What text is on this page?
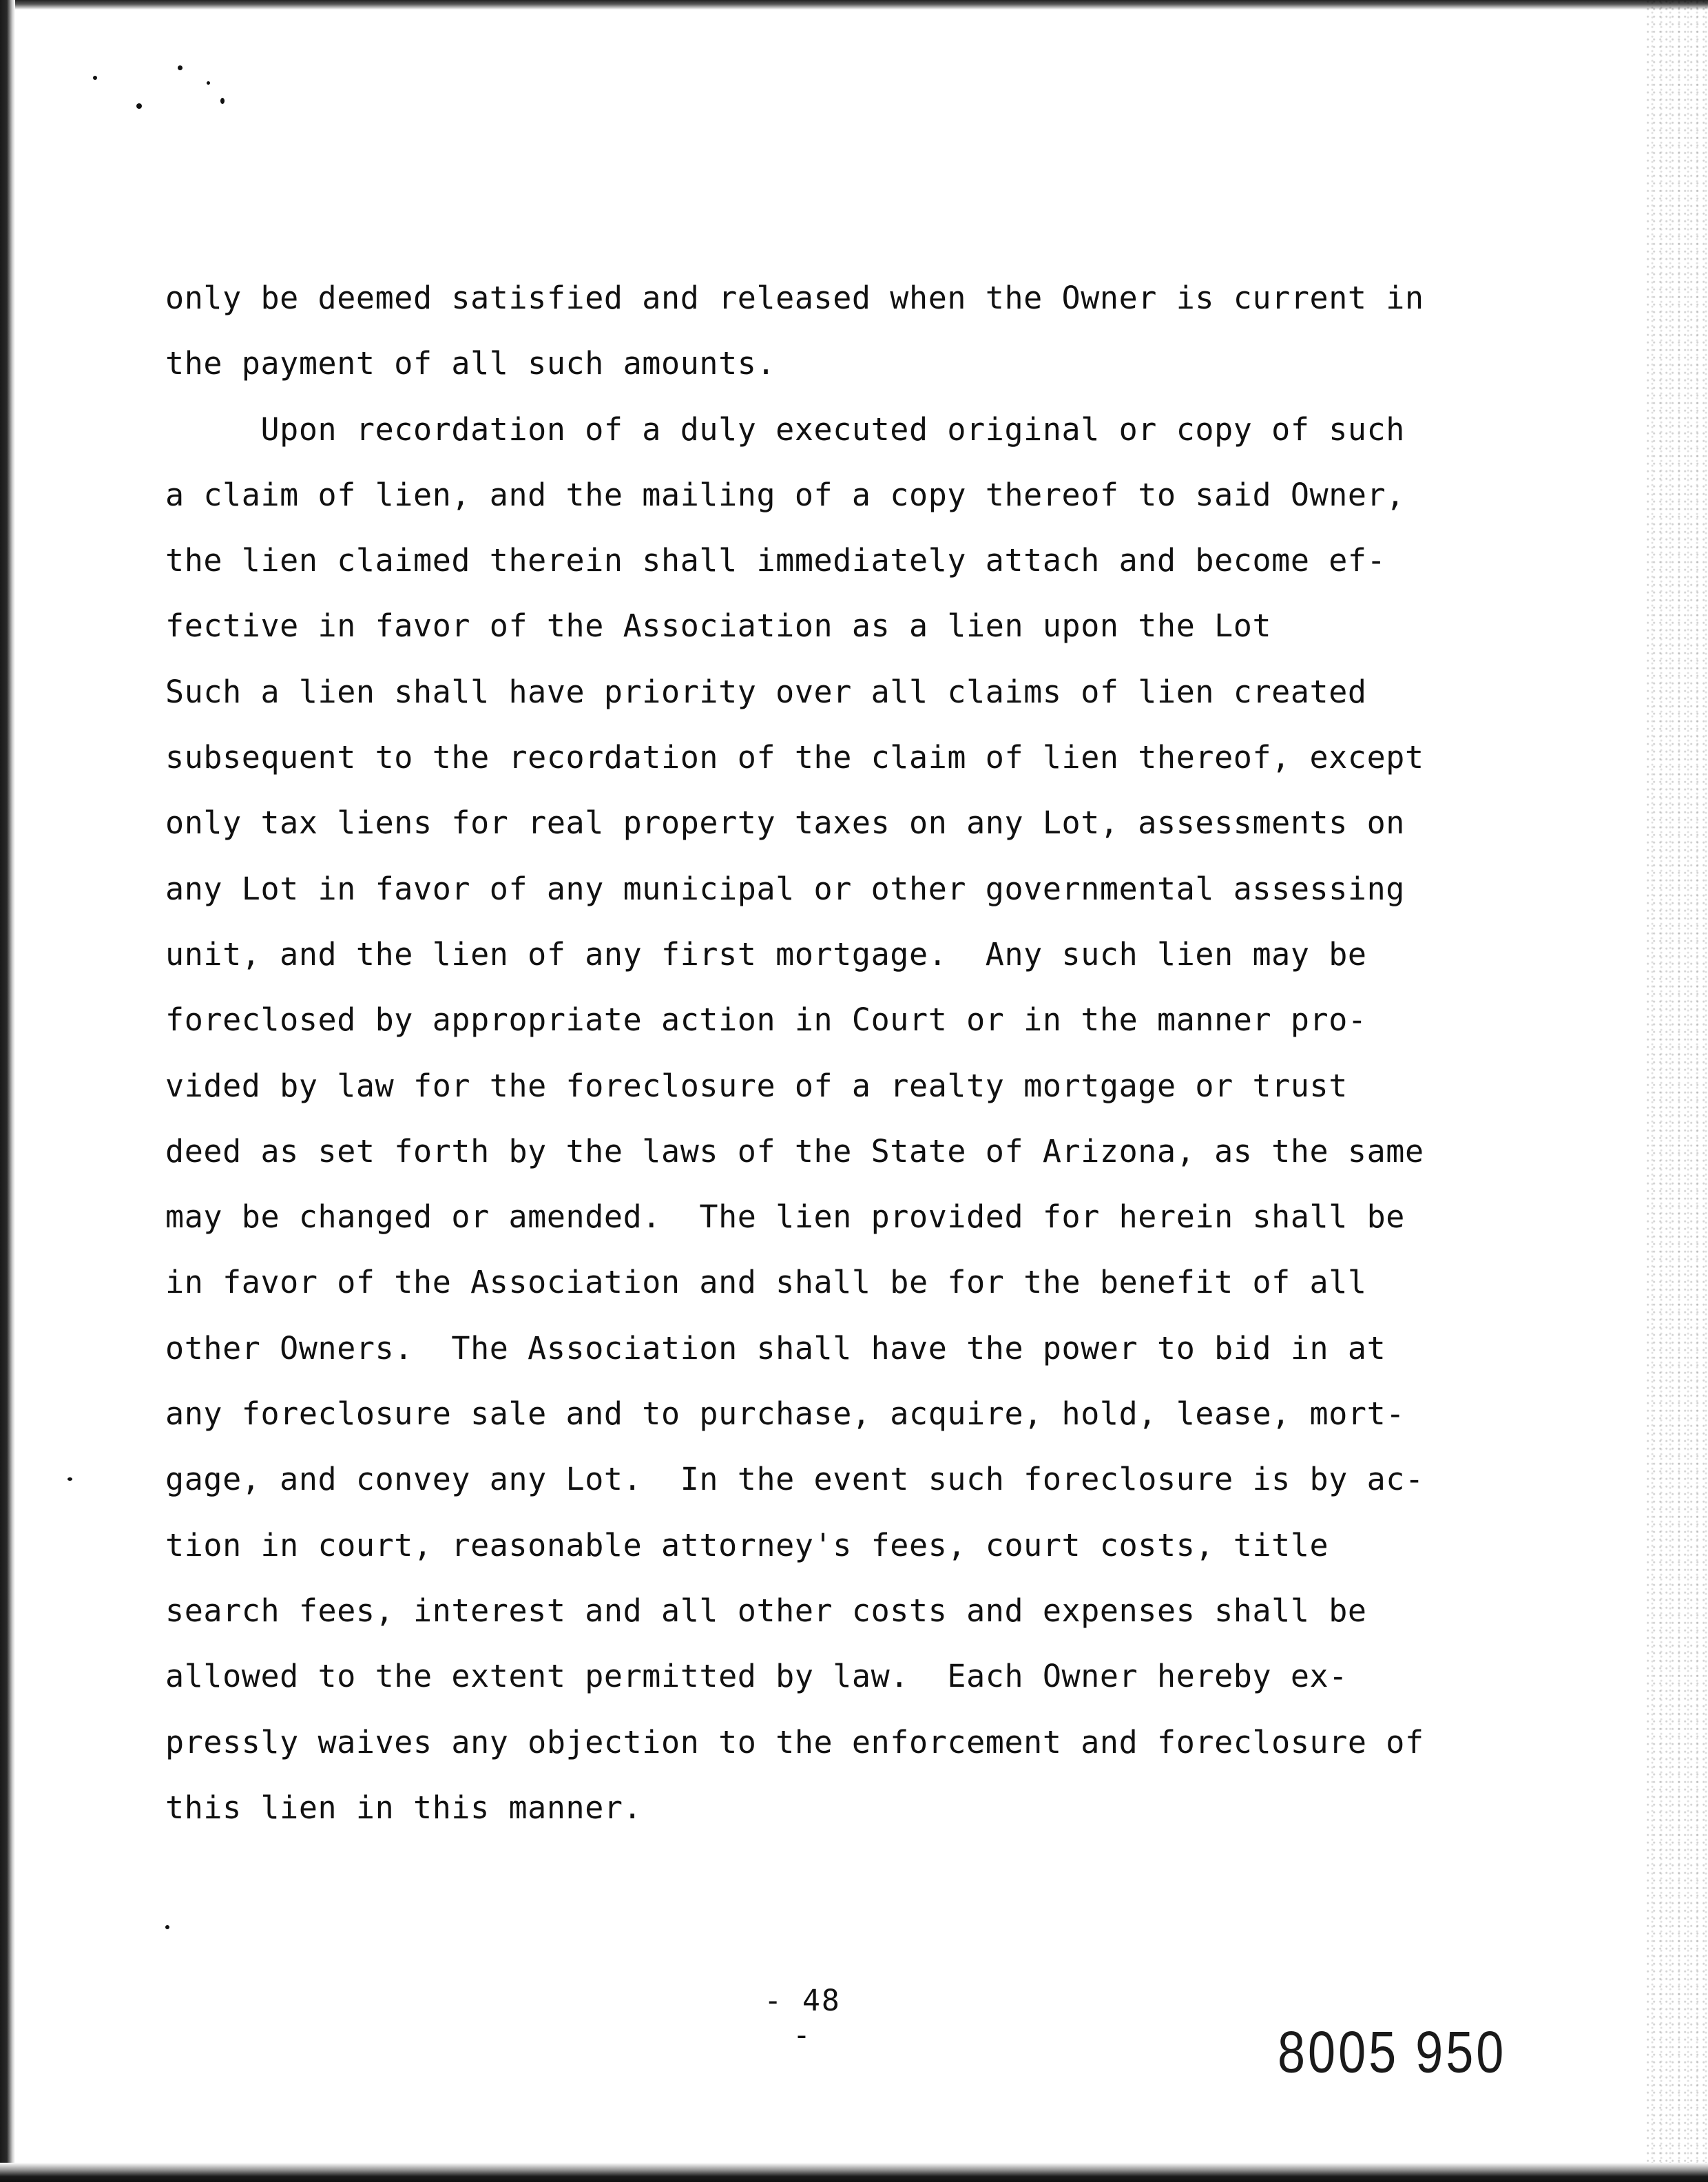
only be deemed satisfied and released when the Owner is current in
the payment of all such amounts.
Upon recordation of a duly executed original or copy of such
a claim of lien, and the mailing of a copy thereof to said Owner,
the lien claimed therein shall immediately attach and become ef-
fective in favor of the Association as a lien upon the Lot
Such a lien shall have priority over all claims of lien created
subsequent to the recordation of the claim of lien thereof, except
only tax liens for real property taxes on any Lot, assessments on
any Lot in favor of any municipal or other governmental assessing
unit, and the lien of any first mortgage.  Any such lien may be
foreclosed by appropriate action in Court or in the manner pro-
vided by law for the foreclosure of a realty mortgage or trust
deed as set forth by the laws of the State of Arizona, as the same
may be changed or amended.  The lien provided for herein shall be
in favor of the Association and shall be for the benefit of all
other Owners.  The Association shall have the power to bid in at
any foreclosure sale and to purchase, acquire, hold, lease, mort-
gage, and convey any Lot.  In the event such foreclosure is by ac-
tion in court, reasonable attorney's fees, court costs, title
search fees, interest and all other costs and expenses shall be
allowed to the extent permitted by law.  Each Owner hereby ex-
pressly waives any objection to the enforcement and foreclosure of
this lien in this manner.
- 48 -	8005 950
